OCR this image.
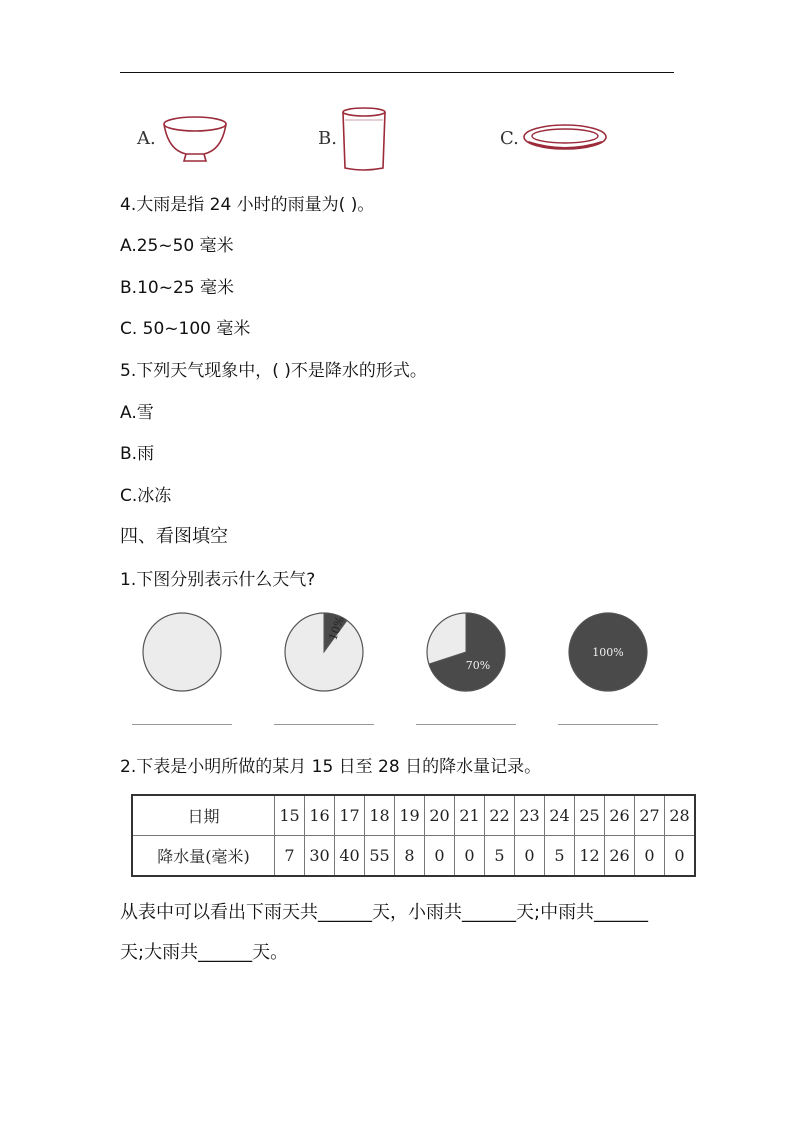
A.	B.	C.
4.大雨是指 24 小时的雨量为( )。
A.25~50 毫米
B.10~25 毫米
C. 50~100 毫米
5.下列天气现象中，( )不是降水的形式。
A.雪
B.雨
C.冰冻
四、看图填空
1.下图分别表示什么天气?
10%
70%
100%
2.下表是小明所做的某月 15 日至 28 日的降水量记录。
日期	15	16	17	18	19	20	21	22	23	24	25	26	27	28
降水量(毫米)	7	30	40	55	8	0	0	5	0	5	12	26	0	0
从表中可以看出下雨天共______天，小雨共______天;中雨共______
天;大雨共______天。
